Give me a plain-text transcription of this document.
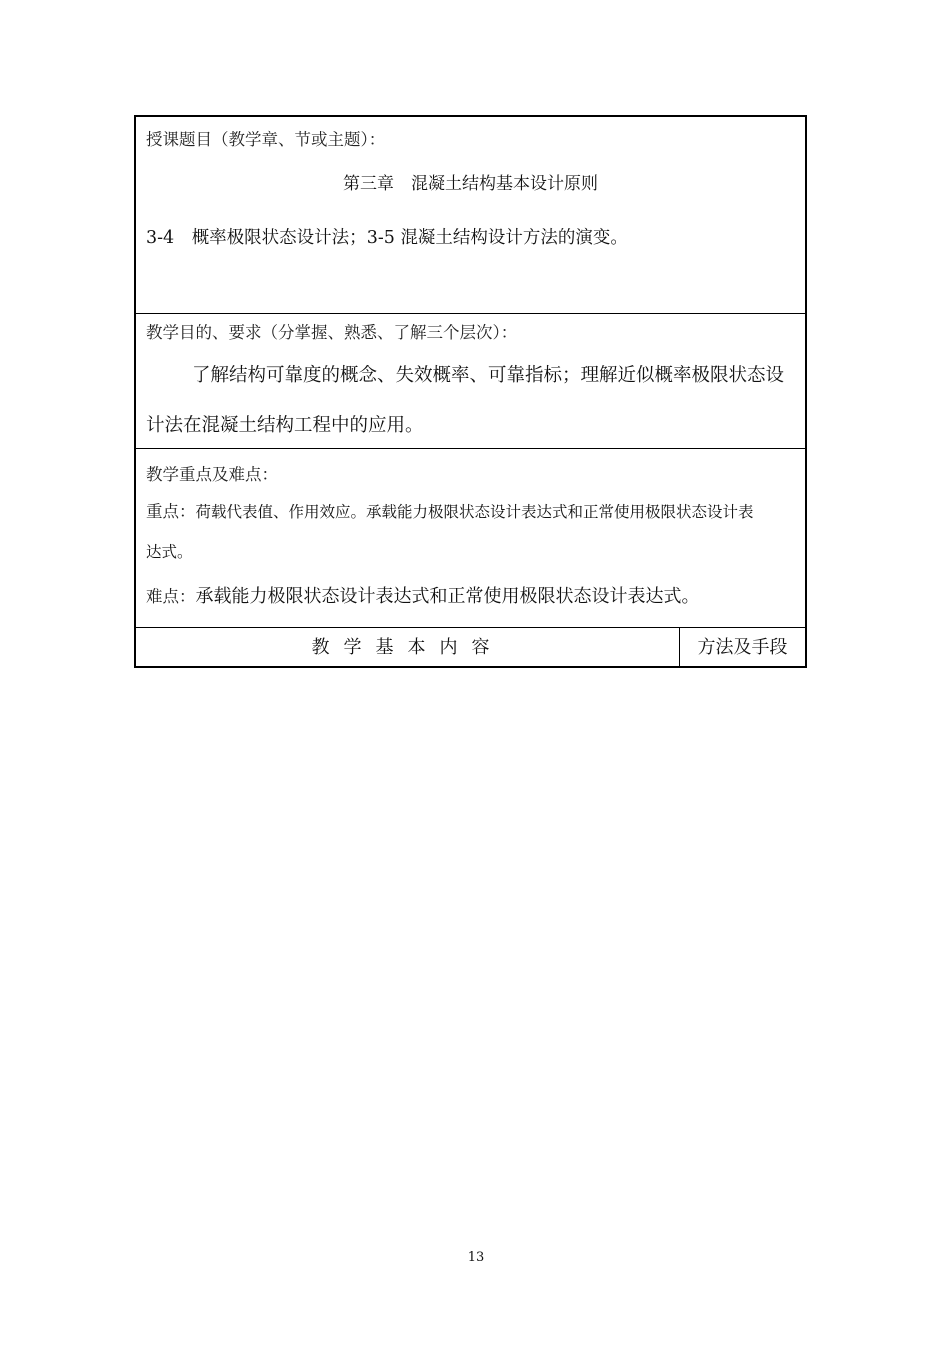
授课题目（教学章、节或主题）：
第三章　混凝土结构基本设计原则
3-4　概率极限状态设计法；3-5 混凝土结构设计方法的演变。
教学目的、要求（分掌握、熟悉、了解三个层次）：
了解结构可靠度的概念、失效概率、可靠指标；理解近似概率极限状态设
计法在混凝土结构工程中的应用。
教学重点及难点：
重点：荷载代表值、作用效应。承载能力极限状态设计表达式和正常使用极限状态设计表
达式。
难点：承载能力极限状态设计表达式和正常使用极限状态设计表达式。
教学基本内容	方法及手段
13
